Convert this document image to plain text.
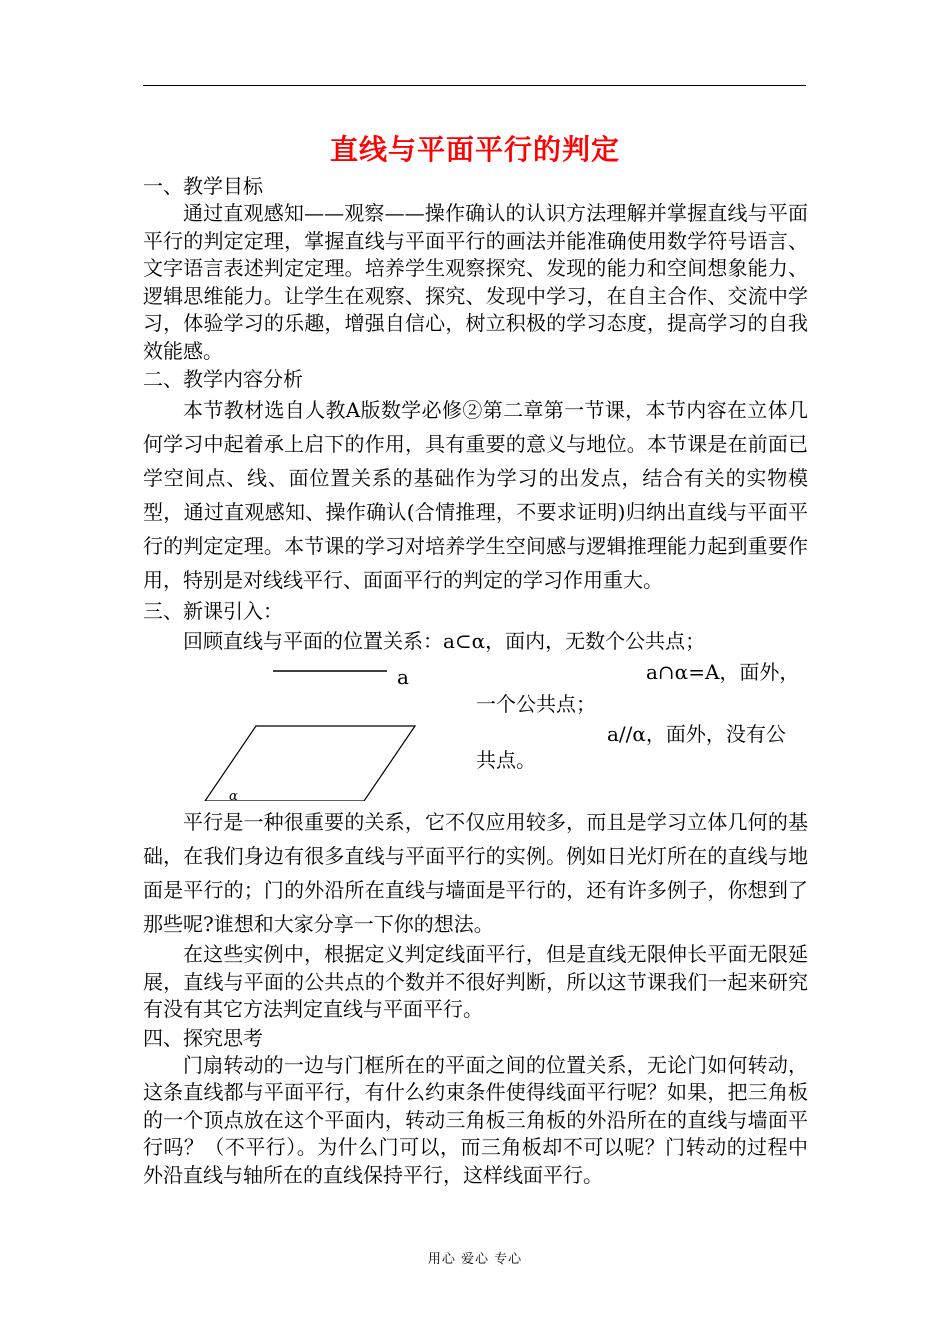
直线与平面平行的判定
一、教学目标
通过直观感知——观察——操作确认的认识方法理解并掌握直线与平面平行的判定定理，掌握直线与平面平行的画法并能准确使用数学符号语言、文字语言表述判定定理。培养学生观察探究、发现的能力和空间想象能力、逻辑思维能力。让学生在观察、探究、发现中学习，在自主合作、交流中学习，体验学习的乐趣，增强自信心，树立积极的学习态度，提高学习的自我效能感。
二、教学内容分析
本节教材选自人教A版数学必修②第二章第一节课，本节内容在立体几何学习中起着承上启下的作用，具有重要的意义与地位。本节课是在前面已学空间点、线、面位置关系的基础作为学习的出发点，结合有关的实物模型，通过直观感知、操作确认(合情推理，不要求证明)归纳出直线与平面平行的判定定理。本节课的学习对培养学生空间感与逻辑推理能力起到重要作用，特别是对线线平行、面面平行的判定的学习作用重大。
三、新课引入：
回顾直线与平面的位置关系：a⊂α，面内，无数个公共点；
a
α
a∩α=A，面外，
一个公共点；
a//α，面外，没有公
共点。
平行是一种很重要的关系，它不仅应用较多，而且是学习立体几何的基础，在我们身边有很多直线与平面平行的实例。例如日光灯所在的直线与地面是平行的；门的外沿所在直线与墙面是平行的，还有许多例子，你想到了那些呢?谁想和大家分享一下你的想法。
在这些实例中，根据定义判定线面平行，但是直线无限伸长平面无限延展，直线与平面的公共点的个数并不很好判断，所以这节课我们一起来研究有没有其它方法判定直线与平面平行。
四、探究思考
门扇转动的一边与门框所在的平面之间的位置关系，无论门如何转动，这条直线都与平面平行，有什么约束条件使得线面平行呢？如果，把三角板的一个顶点放在这个平面内，转动三角板三角板的外沿所在的直线与墙面平行吗？（不平行）。为什么门可以，而三角板却不可以呢？门转动的过程中外沿直线与轴所在的直线保持平行，这样线面平行。
用心 爱心 专心
